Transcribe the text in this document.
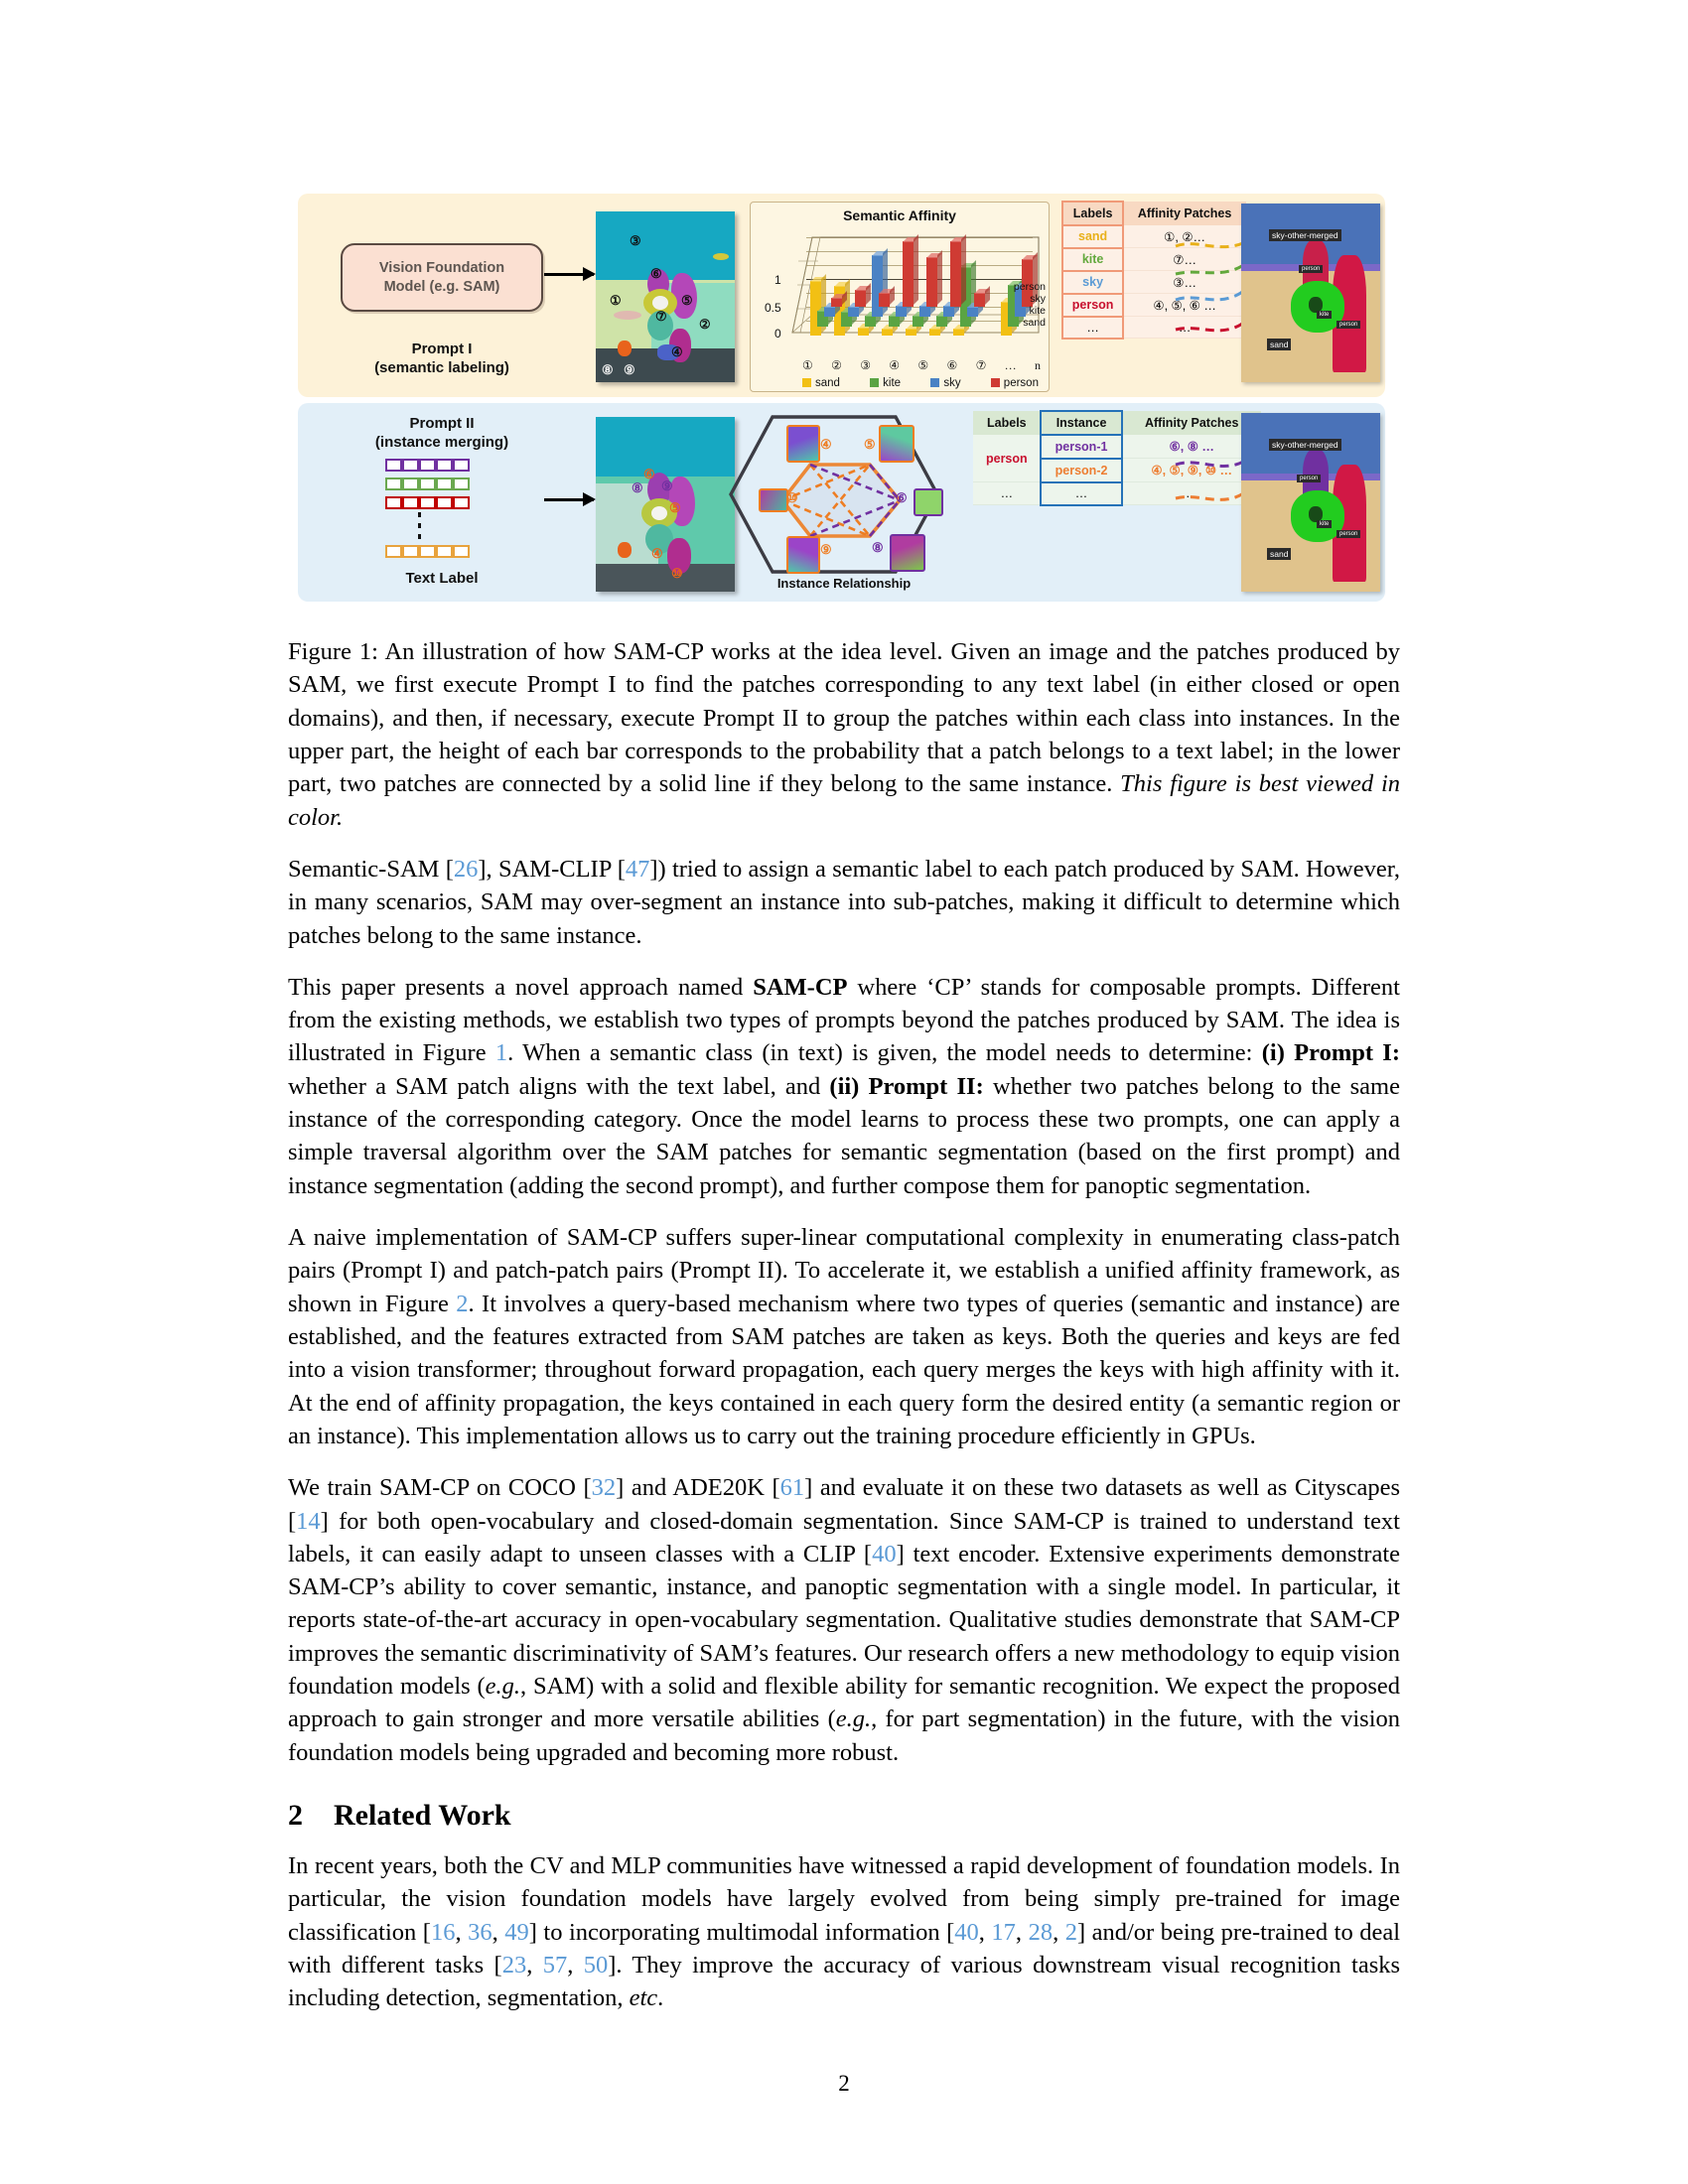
Vision Foundation
Model (e.g. SAM)
Prompt I
(semantic labeling)
③
⑥
①	⑤
⑦
②
④
⑧ ⑨
Semantic Affinity
1
0.5
0
person
sky
kite
sand
① ② ③ ④ ⑤ ⑥ ⑦ … n
sand	kite	sky	person
Labels	Affinity Patches
sand	①, ②…
kite	⑦…
sky	③…
person	④, ⑤, ⑥ …
…	…
sky-other-merged
person
person
kite
sand
Prompt II
(instance merging)
Text Label
⑥
⑧ ⑨
⑤
④
⑩
④ ⑤
⑩
⑨
⑥
⑧
Instance Relationship
Labels	Instance	Affinity Patches
person	person-1	⑥, ⑧ …
	person-2	④, ⑤, ⑨, ⑩ …
…	…	…
sky-other-merged
person
person
kite
sand

Figure 1: An illustration of how SAM-CP works at the idea level. Given an image and the patches produced by SAM, we first execute Prompt I to find the patches corresponding to any text label (in either closed or open domains), and then, if necessary, execute Prompt II to group the patches within each class into instances. In the upper part, the height of each bar corresponds to the probability that a patch belongs to a text label; in the lower part, two patches are connected by a solid line if they belong to the same instance. This figure is best viewed in color.

Semantic-SAM [26], SAM-CLIP [47]) tried to assign a semantic label to each patch produced by SAM. However, in many scenarios, SAM may over-segment an instance into sub-patches, making it difficult to determine which patches belong to the same instance.

This paper presents a novel approach named SAM-CP where ‘CP’ stands for composable prompts. Different from the existing methods, we establish two types of prompts beyond the patches produced by SAM. The idea is illustrated in Figure 1. When a semantic class (in text) is given, the model needs to determine: (i) Prompt I: whether a SAM patch aligns with the text label, and (ii) Prompt II: whether two patches belong to the same instance of the corresponding category. Once the model learns to process these two prompts, one can apply a simple traversal algorithm over the SAM patches for semantic segmentation (based on the first prompt) and instance segmentation (adding the second prompt), and further compose them for panoptic segmentation.

A naive implementation of SAM-CP suffers super-linear computational complexity in enumerating class-patch pairs (Prompt I) and patch-patch pairs (Prompt II). To accelerate it, we establish a unified affinity framework, as shown in Figure 2. It involves a query-based mechanism where two types of queries (semantic and instance) are established, and the features extracted from SAM patches are taken as keys. Both the queries and keys are fed into a vision transformer; throughout forward propagation, each query merges the keys with high affinity with it. At the end of affinity propagation, the keys contained in each query form the desired entity (a semantic region or an instance). This implementation allows us to carry out the training procedure efficiently in GPUs.

We train SAM-CP on COCO [32] and ADE20K [61] and evaluate it on these two datasets as well as Cityscapes [14] for both open-vocabulary and closed-domain segmentation. Since SAM-CP is trained to understand text labels, it can easily adapt to unseen classes with a CLIP [40] text encoder. Extensive experiments demonstrate SAM-CP’s ability to cover semantic, instance, and panoptic segmentation with a single model. In particular, it reports state-of-the-art accuracy in open-vocabulary segmentation. Qualitative studies demonstrate that SAM-CP improves the semantic discriminativity of SAM’s features. Our research offers a new methodology to equip vision foundation models (e.g., SAM) with a solid and flexible ability for semantic recognition. We expect the proposed approach to gain stronger and more versatile abilities (e.g., for part segmentation) in the future, with the vision foundation models being upgraded and becoming more robust.

2 Related Work

In recent years, both the CV and MLP communities have witnessed a rapid development of foundation models. In particular, the vision foundation models have largely evolved from being simply pre-trained for image classification [16, 36, 49] to incorporating multimodal information [40, 17, 28, 2] and/or being pre-trained to deal with different tasks [23, 57, 50]. They improve the accuracy of various downstream visual recognition tasks including detection, segmentation, etc.

2
